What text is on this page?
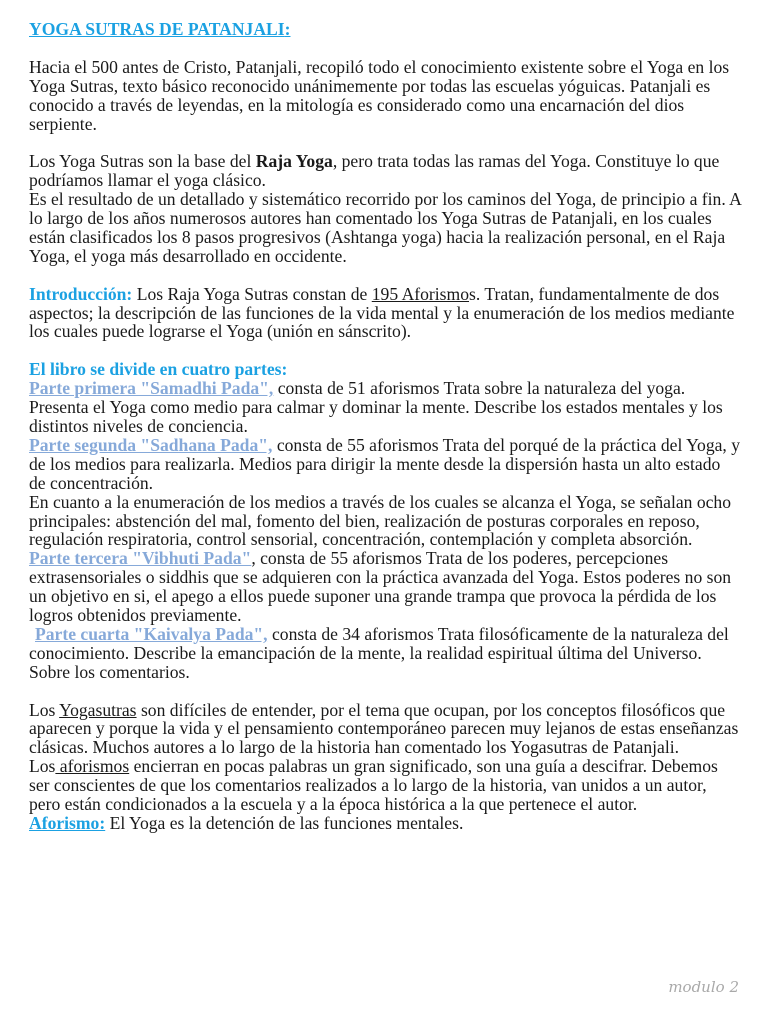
YOGA SUTRAS DE PATANJALI:

Hacia el 500 antes de Cristo, Patanjali, recopiló todo el conocimiento existente sobre el Yoga en los Yoga Sutras, texto básico reconocido unánimemente por todas las escuelas yóguicas. Patanjali es conocido a través de leyendas, en la mitología es considerado como una encarnación del dios serpiente.

Los Yoga Sutras son la base del Raja Yoga, pero trata todas las ramas del Yoga. Constituye lo que podríamos llamar el yoga clásico.

Es el resultado de un detallado y sistemático recorrido por los caminos del Yoga, de principio a fin. A lo largo de los años numerosos autores han comentado los Yoga Sutras de Patanjali, en los cuales están clasificados los 8 pasos progresivos (Ashtanga yoga) hacia la realización personal, en el Raja Yoga, el yoga más desarrollado en occidente.

Introducción: Los Raja Yoga Sutras constan de 195 Aforismos. Tratan, fundamentalmente de dos aspectos; la descripción de las funciones de la vida mental y la enumeración de los medios mediante los cuales puede lograrse el Yoga (unión en sánscrito).

El libro se divide en cuatro partes:

Parte primera "Samadhi Pada", consta de 51 aforismos Trata sobre la naturaleza del yoga. Presenta el Yoga como medio para calmar y dominar la mente. Describe los estados mentales y los distintos niveles de conciencia.

Parte segunda "Sadhana Pada", consta de 55 aforismos Trata del porqué de la práctica del Yoga, y de los medios para realizarla. Medios para dirigir la mente desde la dispersión hasta un alto estado de concentración.

En cuanto a la enumeración de los medios a través de los cuales se alcanza el Yoga, se señalan ocho principales: abstención del mal, fomento del bien, realización de posturas corporales en reposo, regulación respiratoria, control sensorial, concentración, contemplación y completa absorción.

Parte tercera "Vibhuti Pada", consta de 55 aforismos Trata de los poderes, percepciones extrasensoriales o siddhis que se adquieren con la práctica avanzada del Yoga. Estos poderes no son un objetivo en si, el apego a ellos puede suponer una grande trampa que provoca la pérdida de los logros obtenidos previamente.

Parte cuarta "Kaivalya Pada", consta de 34 aforismos Trata filosóficamente de la naturaleza del conocimiento. Describe la emancipación de la mente, la realidad espiritual última del Universo. Sobre los comentarios.

Los Yogasutras son difíciles de entender, por el tema que ocupan, por los conceptos filosóficos que aparecen y porque la vida y el pensamiento contemporáneo parecen muy lejanos de estas enseñanzas clásicas. Muchos autores a lo largo de la historia han comentado los Yogasutras de Patanjali.

Los aforismos encierran en pocas palabras un gran significado, son una guía a descifrar. Debemos ser conscientes de que los comentarios realizados a lo largo de la historia, van unidos a un autor, pero están condicionados a la escuela y a la época histórica a la que pertenece el autor.

Aforismo: El Yoga es la detención de las funciones mentales.

modulo 2
